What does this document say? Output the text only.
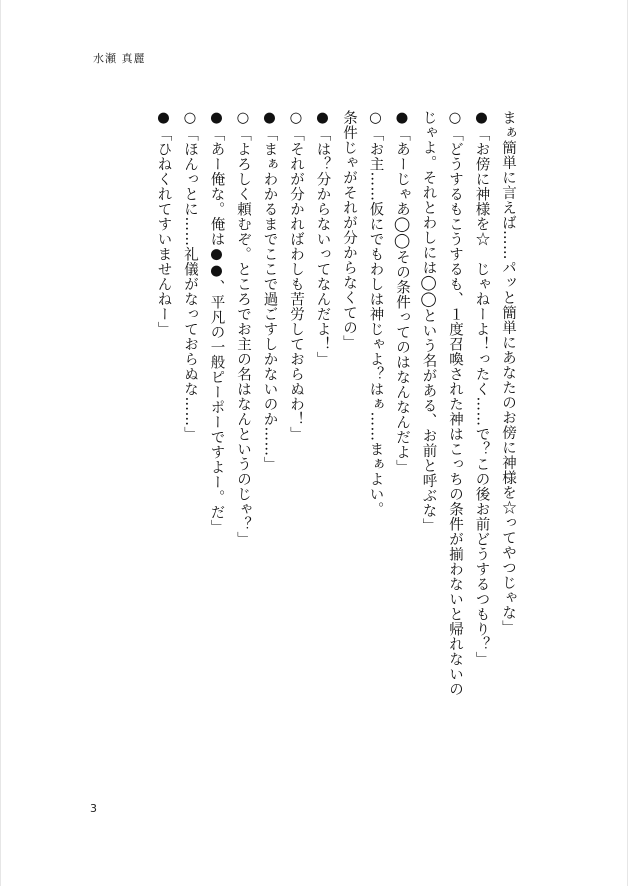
水瀬 真麗
まぁ簡単に言えば……パッと簡単にあなたのお傍に神様を☆ってやつじゃな」
●「お傍に神様を☆　じゃねーよ！ったく……で？この後お前どうするつもり？」
○「どうするもこうするも、１度召喚された神はこっちの条件が揃わないと帰れないの
じゃよ。それとわしには◯◯という名がある、お前と呼ぶな」
●「あーじゃあ◯◯その条件ってのはなんなんだよ」
○「お主……仮にでもわしは神じゃよ？はぁ……まぁよい。
条件じゃがそれが分からなくての」
●「は？分からないってなんだよ！」
○「それが分かればわしも苦労しておらぬわ！」
●「まぁわかるまでここで過ごすしかないのか……」
○「よろしく頼むぞ。ところでお主の名はなんというのじゃ？」
●「あー俺な。俺は●●、平凡の一般ピーポーですよー。だ」
○「ほんっとに……礼儀がなっておらぬな……」
●「ひねくれてすいませんねー」
3
